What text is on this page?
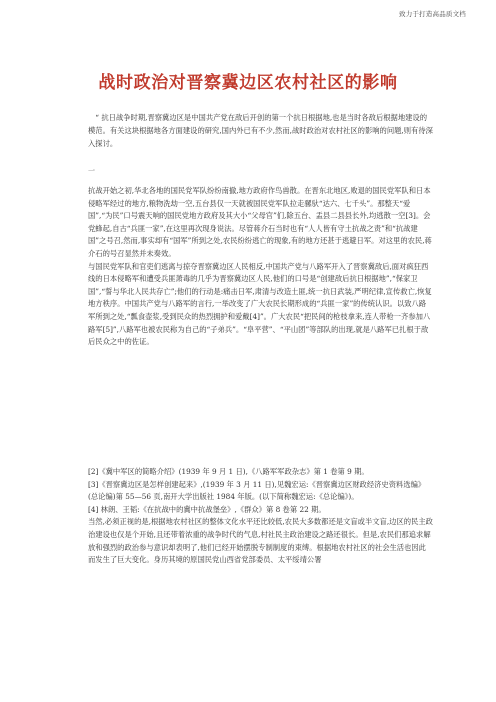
致力于打造高品质文档
战时政治对晋察冀边区农村社区的影响
“ 抗日战争时期,晋察冀边区是中国共产党在敌后开创的第一个抗日根据地,也是当时各敌后根据地建设的模范。有关这块根据地各方面建设的研究,国内外已有不少,然而,战时政治对农村社区的影响的问题,则有待深入探讨。
一

抗战开始之初,华北各地的国民党军队纷纷南撤,地方政府作鸟兽散。在晋东北地区,败退的国民党军队和日本侵略军经过的地方,粮物洗劫一空,五台县仅一天就被国民党军队拉走骡驮“达六、七千头”。那整天“爱国”,“为民”口号震天响的国民党地方政府及其大小“父母官”们,除五台、盂县二县县长外,均逃散一空[3]。会党蜂起,自古“兵匪一家”,在这里再次现身说法。尽管蒋介石当时也有“人人皆有守土抗战之责”和“抗战建国”之号召,然而,事实却有“国军”所到之处,农民纷纷逃亡的现象,有的地方还甚于逃避日军。对这里的农民,蒋介石的号召显然并未奏效。

与国民党军队和官吏们逃离与掠夺晋察冀边区人民相反,中国共产党与八路军开入了晋察冀敌后,面对疯狂西线的日本侵略军和遭受兵匪萧毒的几乎为晋察冀边区人民,他们的口号是“创建敌后抗日根据地”,“保家卫国”,“誓与华北人民共存亡”;他们的行动是:痛击日军,肃清与改造土匪,统一抗日武装,严明纪律,宣传救亡,恢复地方秩序。中国共产党与八路军的言行,一举改变了广大农民长期形成的“兵匪一家”的传统认识。以致八路军所到之处,“瓢食壶浆,受到民众的热烈拥护和爱戴[4]”。广大农民“把民间的枪枝拿来,连人带枪一齐参加八路军[5]”,八路军也被农民称为自己的“子弟兵”。“阜平营”、“平山团”等部队的出现,就是八路军已扎根于敌后民众之中的佐证。

[2]《冀中军区的简略介绍》(1939 年 9 月 1 日),《八路军军政杂志》第 1 卷第 9 期。

[3]《晋察冀边区是怎样创建起来》,(1939 年 3 月 11 日),见魏宏运:《晋察冀边区财政经济史资料选编》(总论编)第 55—56 页,南开大学出版社 1984 年版。(以下简称魏宏运:《总论编》)。

[4] 林朗、王韬:《在抗战中的冀中抗战堡垒》,《群众》第 8 卷第 22 期。

当然,必须正视的是,根据地农村社区的整体文化水平还比较低,农民大多数都还是文盲或半文盲,边区的民主政治建设也仅是个开始,且还带着浓重的战争时代的气息,村社民主政治建设之路还很长。但是,农民们那追求解放和强烈的政治参与意识却表明了,他们已经开始摆脱专制制度的束缚。根据地农村社区的社会生活也因此而发生了巨大变化。身历其境的原国民党山西省党部委员、太平绥靖公署
